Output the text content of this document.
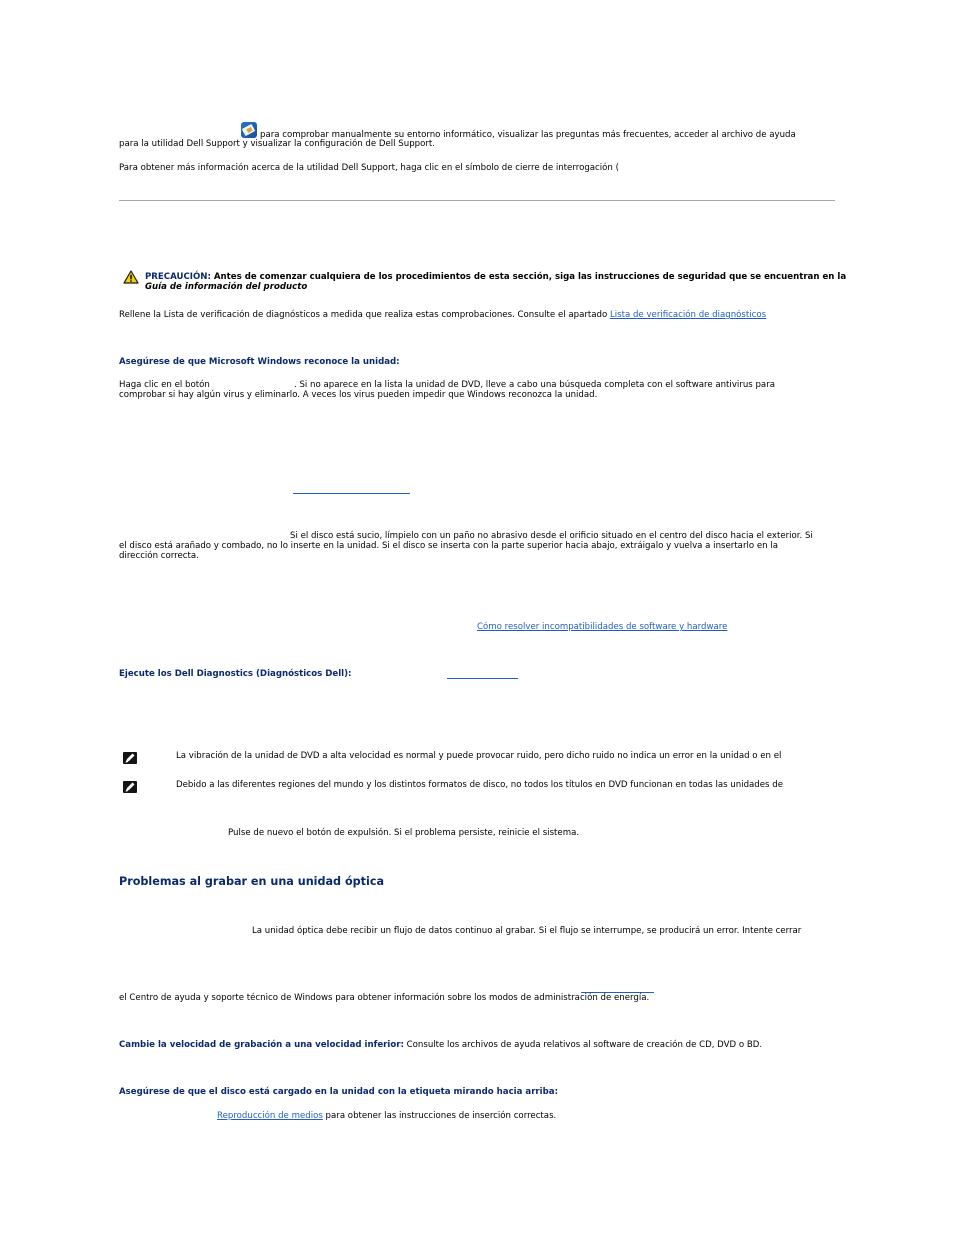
para comprobar manualmente su entorno informático, visualizar las preguntas más frecuentes, acceder al archivo de ayuda
para la utilidad Dell Support y visualizar la configuración de Dell Support.
Para obtener más información acerca de la utilidad Dell Support, haga clic en el símbolo de cierre de interrogación (
PRECAUCIÓN: Antes de comenzar cualquiera de los procedimientos de esta sección, siga las instrucciones de seguridad que se encuentran en la
Guía de información del producto
Rellene la Lista de verificación de diagnósticos a medida que realiza estas comprobaciones. Consulte el apartado Lista de verificación de diagnósticos
Asegúrese de que Microsoft Windows reconoce la unidad:
Haga clic en el botón	. Si no aparece en la lista la unidad de DVD, lleve a cabo una búsqueda completa con el software antivirus para
comprobar si hay algún virus y eliminarlo. A veces los virus pueden impedir que Windows reconozca la unidad.
Si el disco está sucio, límpielo con un paño no abrasivo desde el orificio situado en el centro del disco hacia el exterior. Si
el disco está arañado y combado, no lo inserte en la unidad. Si el disco se inserta con la parte superior hacia abajo, extráigalo y vuelva a insertarlo en la
dirección correcta.
Cómo resolver incompatibilidades de software y hardware
Ejecute los Dell Diagnostics (Diagnósticos Dell):
La vibración de la unidad de DVD a alta velocidad es normal y puede provocar ruido, pero dicho ruido no indica un error en la unidad o en el
Debido a las diferentes regiones del mundo y los distintos formatos de disco, no todos los títulos en DVD funcionan en todas las unidades de
Pulse de nuevo el botón de expulsión. Si el problema persiste, reinicie el sistema.
Problemas al grabar en una unidad óptica
La unidad óptica debe recibir un flujo de datos continuo al grabar. Si el flujo se interrumpe, se producirá un error. Intente cerrar
el Centro de ayuda y soporte técnico de Windows para obtener información sobre los modos de administración de energía.
Cambie la velocidad de grabación a una velocidad inferior: Consulte los archivos de ayuda relativos al software de creación de CD, DVD o BD.
Asegúrese de que el disco está cargado en la unidad con la etiqueta mirando hacia arriba:
Reproducción de medios para obtener las instrucciones de inserción correctas.
